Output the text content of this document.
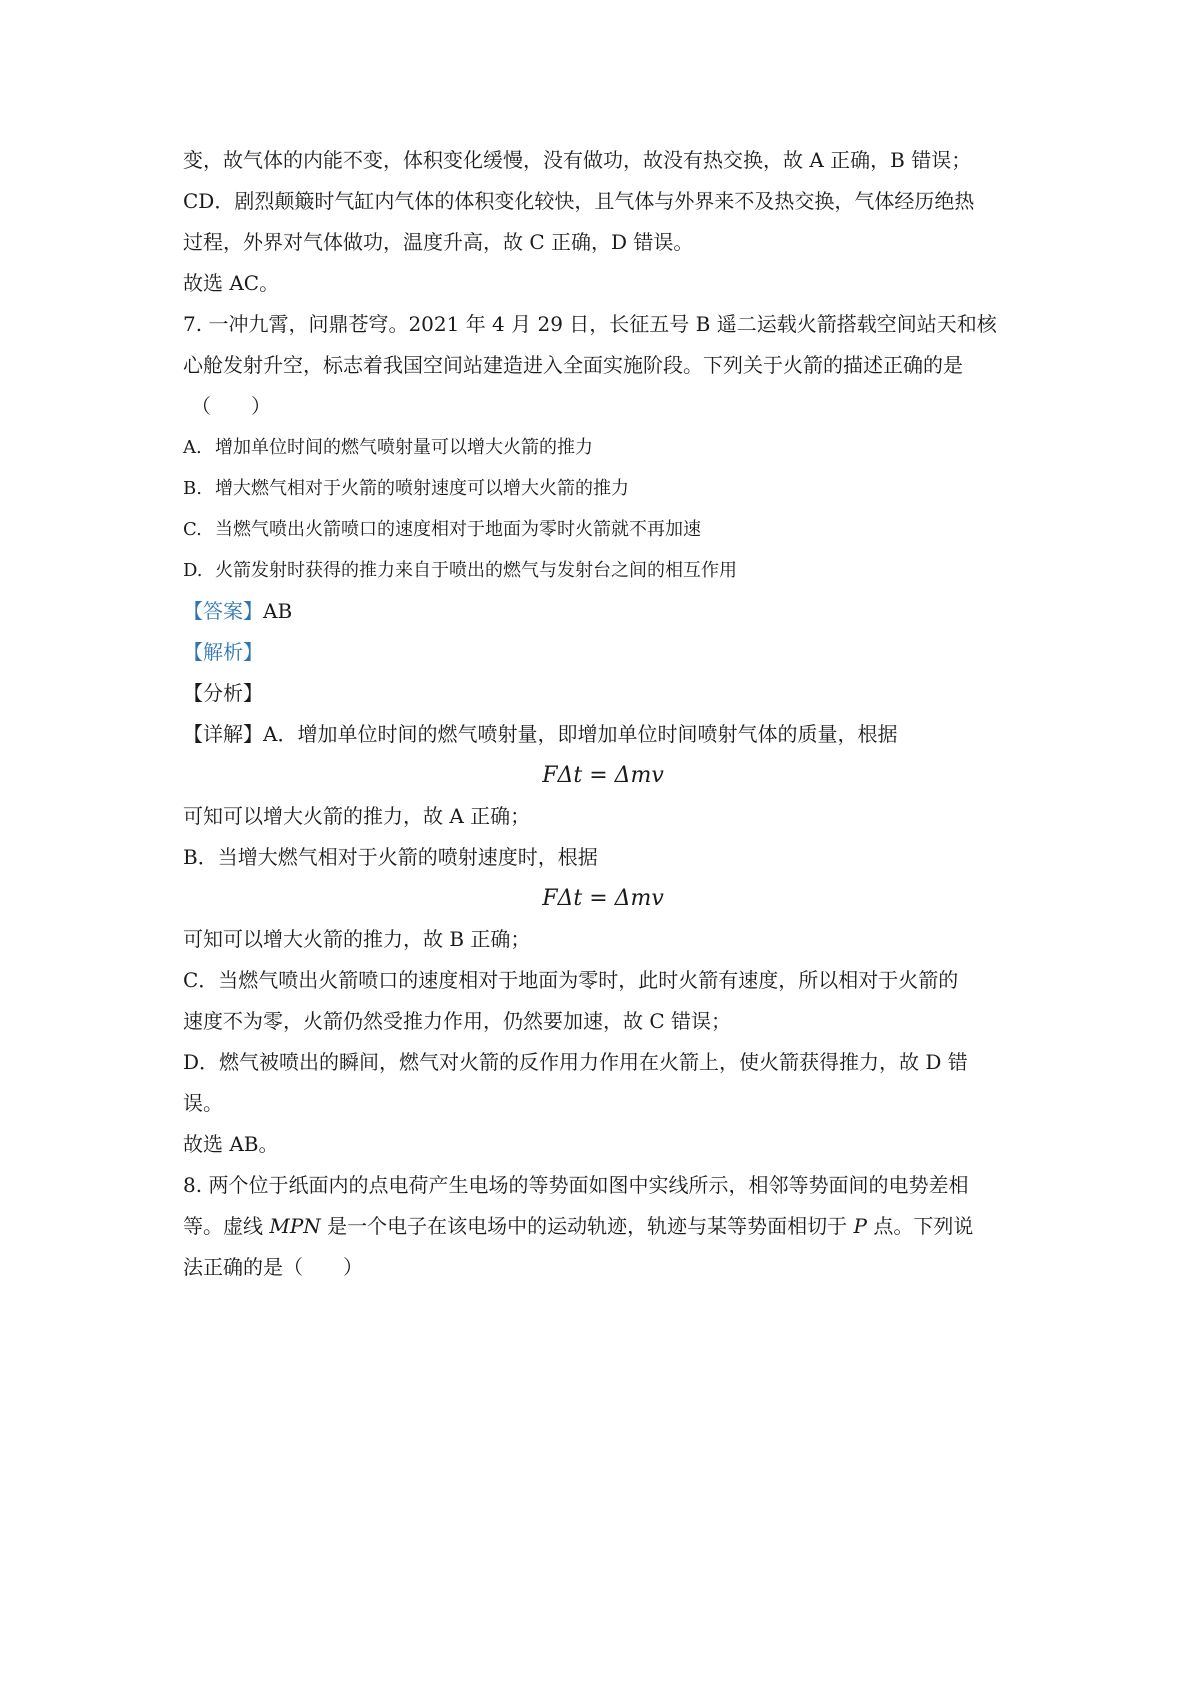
变，故气体的内能不变，体积变化缓慢，没有做功，故没有热交换，故 A 正确，B 错误；
CD．剧烈颠簸时气缸内气体的体积变化较快，且气体与外界来不及热交换，气体经历绝热
过程，外界对气体做功，温度升高，故 C 正确，D 错误。
故选 AC。
7. 一冲九霄，问鼎苍穹。2021 年 4 月 29 日，长征五号 B 遥二运载火箭搭载空间站天和核
心舱发射升空，标志着我国空间站建造进入全面实施阶段。下列关于火箭的描述正确的是
（　　）
A. 增加单位时间的燃气喷射量可以增大火箭的推力
B. 增大燃气相对于火箭的喷射速度可以增大火箭的推力
C. 当燃气喷出火箭喷口的速度相对于地面为零时火箭就不再加速
D. 火箭发射时获得的推力来自于喷出的燃气与发射台之间的相互作用
【答案】AB
【解析】
【分析】
【详解】A．增加单位时间的燃气喷射量，即增加单位时间喷射气体的质量，根据
FΔt = Δmv
可知可以增大火箭的推力，故 A 正确；
B．当增大燃气相对于火箭的喷射速度时，根据
FΔt = Δmv
可知可以增大火箭的推力，故 B 正确；
C．当燃气喷出火箭喷口的速度相对于地面为零时，此时火箭有速度，所以相对于火箭的
速度不为零，火箭仍然受推力作用，仍然要加速，故 C 错误；
D．燃气被喷出的瞬间，燃气对火箭的反作用力作用在火箭上，使火箭获得推力，故 D 错
误。
故选 AB。
8. 两个位于纸面内的点电荷产生电场的等势面如图中实线所示，相邻等势面间的电势差相
等。虚线 MPN 是一个电子在该电场中的运动轨迹，轨迹与某等势面相切于 P 点。下列说
法正确的是（　　）
